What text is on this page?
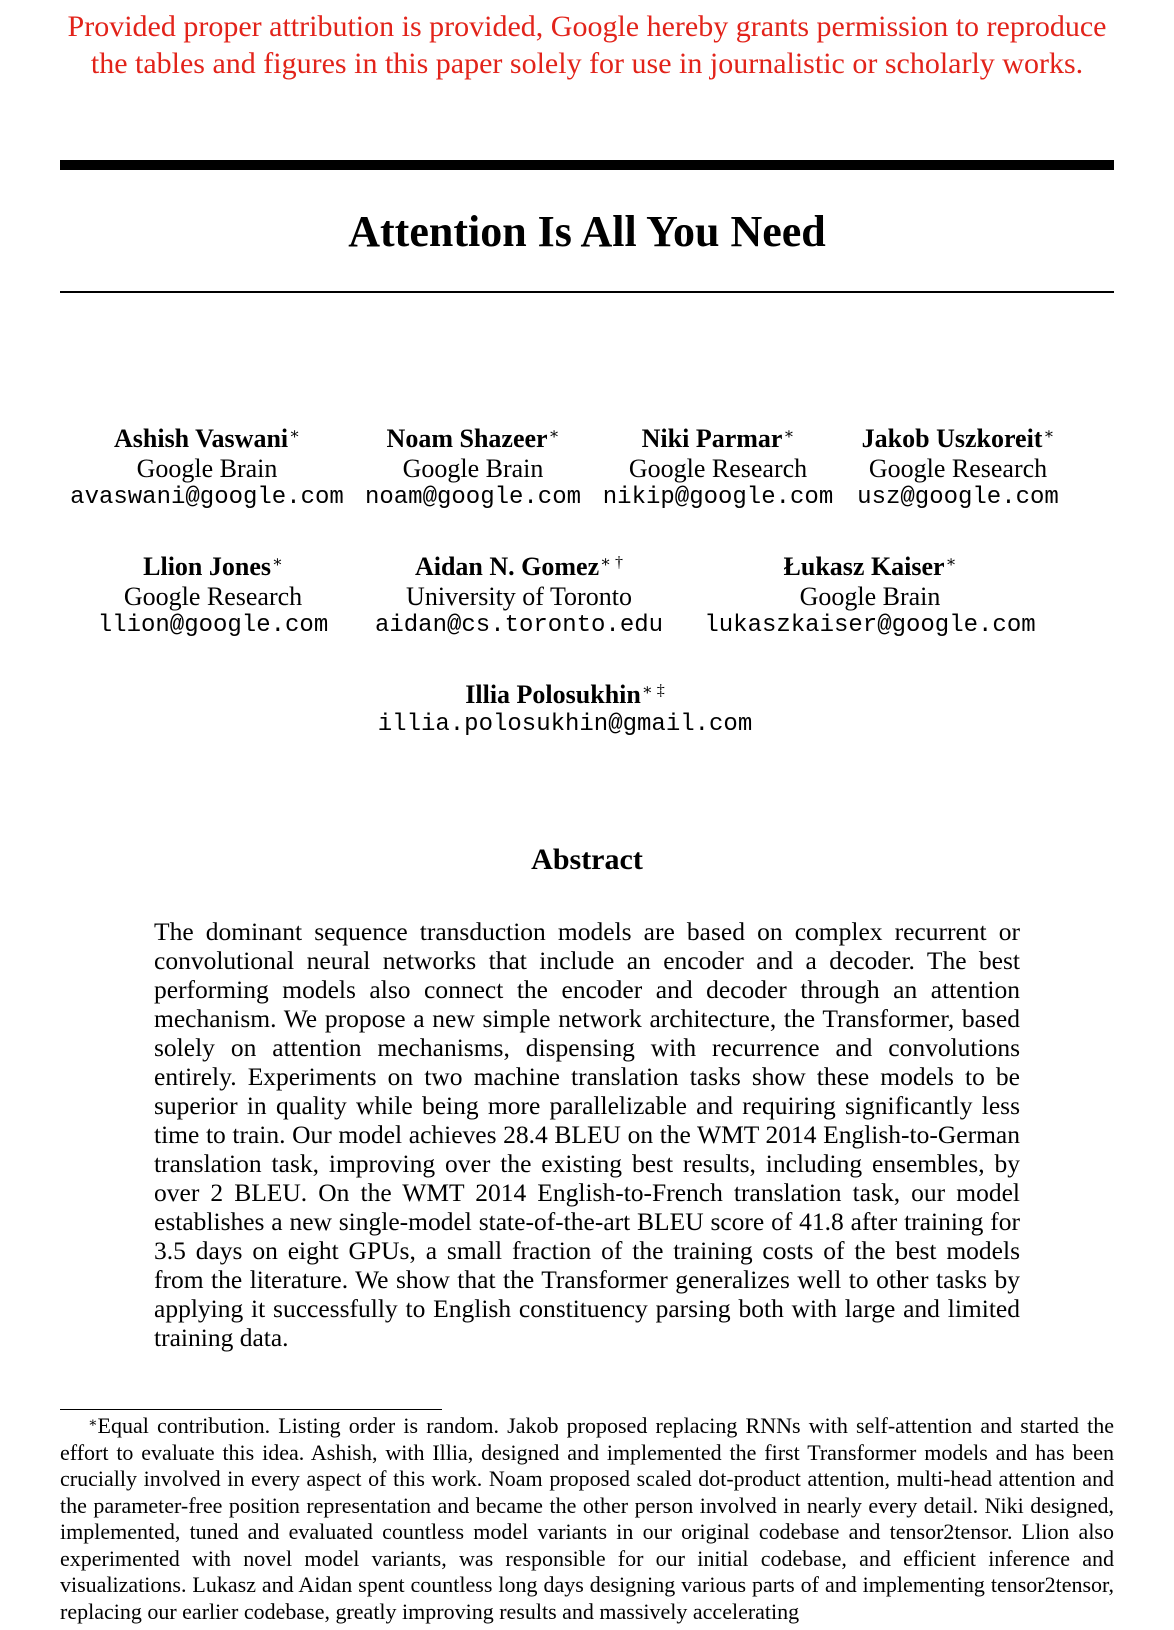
Provided proper attribution is provided, Google hereby grants permission to reproduce the tables and figures in this paper solely for use in journalistic or scholarly works.
Attention Is All You Need
Ashish Vaswani∗
Google Brain
avaswani@google.com
Noam Shazeer∗
Google Brain
noam@google.com
Niki Parmar∗
Google Research
nikip@google.com
Jakob Uszkoreit∗
Google Research
usz@google.com
Llion Jones∗
Google Research
llion@google.com
Aidan N. Gomez∗ †
University of Toronto
aidan@cs.toronto.edu
Łukasz Kaiser∗
Google Brain
lukaszkaiser@google.com
Illia Polosukhin∗ ‡
illia.polosukhin@gmail.com
Abstract
The dominant sequence transduction models are based on complex recurrent or convolutional neural networks that include an encoder and a decoder. The best performing models also connect the encoder and decoder through an attention mechanism. We propose a new simple network architecture, the Transformer, based solely on attention mechanisms, dispensing with recurrence and convolutions entirely. Experiments on two machine translation tasks show these models to be superior in quality while being more parallelizable and requiring significantly less time to train. Our model achieves 28.4 BLEU on the WMT 2014 English-to-German translation task, improving over the existing best results, including ensembles, by over 2 BLEU. On the WMT 2014 English-to-French translation task, our model establishes a new single-model state-of-the-art BLEU score of 41.8 after training for 3.5 days on eight GPUs, a small fraction of the training costs of the best models from the literature. We show that the Transformer generalizes well to other tasks by applying it successfully to English constituency parsing both with large and limited training data.
∗Equal contribution. Listing order is random. Jakob proposed replacing RNNs with self-attention and started the effort to evaluate this idea. Ashish, with Illia, designed and implemented the first Transformer models and has been crucially involved in every aspect of this work. Noam proposed scaled dot-product attention, multi-head attention and the parameter-free position representation and became the other person involved in nearly every detail. Niki designed, implemented, tuned and evaluated countless model variants in our original codebase and tensor2tensor. Llion also experimented with novel model variants, was responsible for our initial codebase, and efficient inference and visualizations. Lukasz and Aidan spent countless long days designing various parts of and implementing tensor2tensor, replacing our earlier codebase, greatly improving results and massively accelerating
